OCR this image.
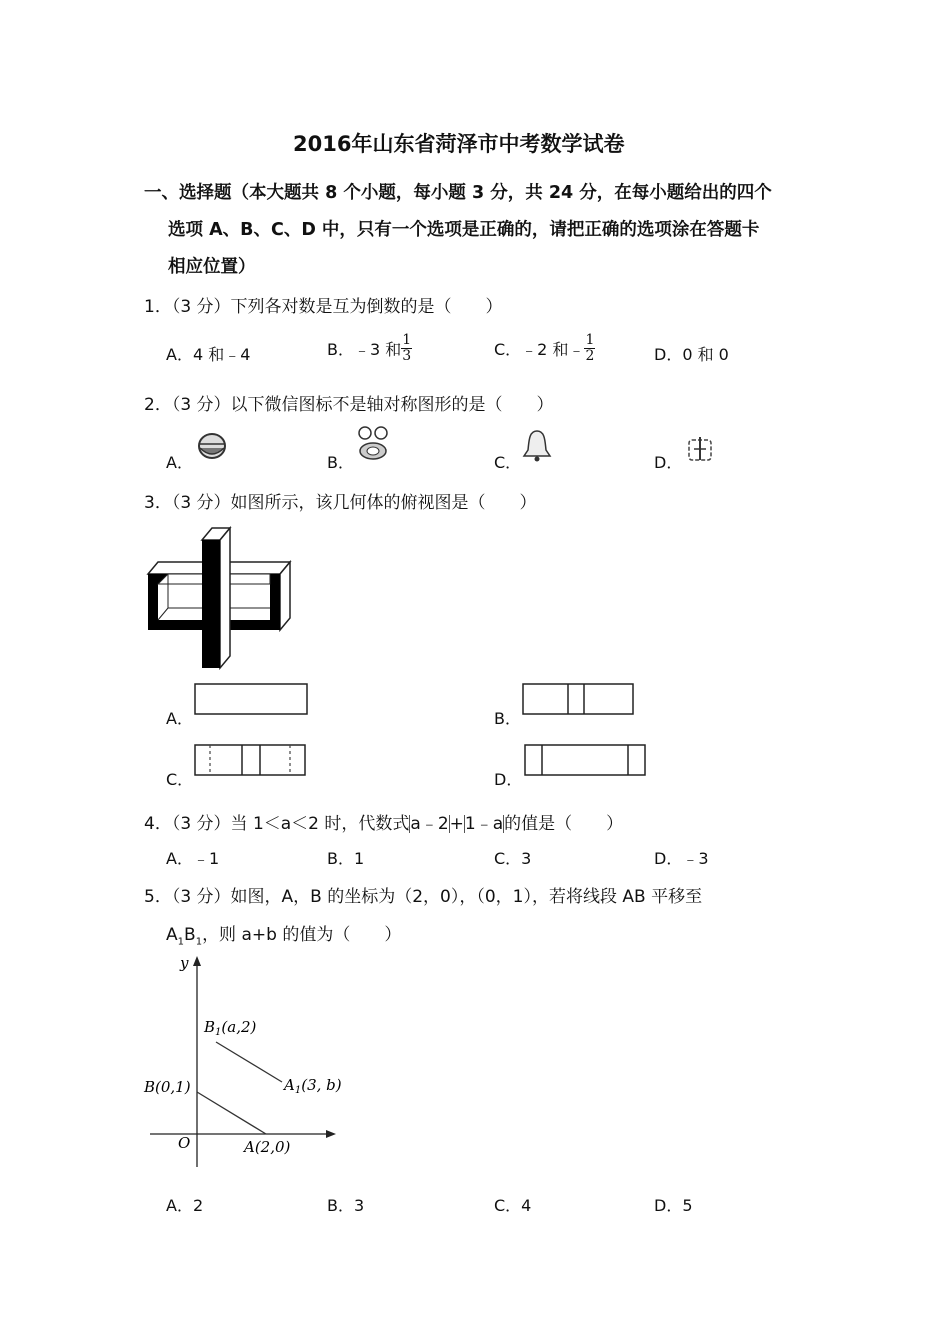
2016年山东省菏泽市中考数学试卷
一、选择题（本大题共 8 个小题，每小题 3 分，共 24 分，在每小题给出的四个
选项 A、B、C、D 中，只有一个选项是正确的，请把正确的选项涂在答题卡
相应位置）
1．（3 分）下列各对数是互为倒数的是（　　）
A．4 和﹣4	B．﹣3 和 $\frac{1}{3}$	C．﹣2 和﹣ $\frac{1}{2}$	D．0 和 0
2．（3 分）以下微信图标不是轴对称图形的是（　　）
A．	B．	C．	D．
3．（3 分）如图所示，该几何体的俯视图是（　　）
A．	B．
C．	D．
4．（3 分）当 1＜a＜2 时，代数式a﹣2+1﹣a的值是（　　）
A．﹣1	B．1	C．3	D．﹣3
5．（3 分）如图，A，B 的坐标为（2，0），（0，1），若将线段 AB 平移至
$A_1B_1$，则 a+b 的值为（　　）
y
O
B(0,1)
A(2,0)
$B_1(a,2)$
$A_1(3$, b)
A．2	B．3	C．4	D．5
